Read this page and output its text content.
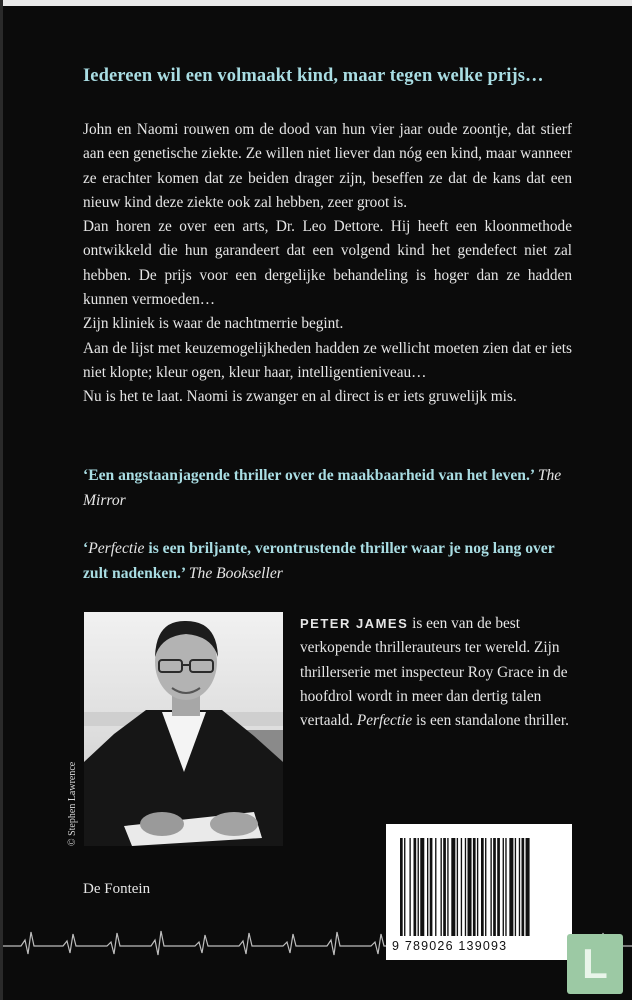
Iedereen wil een volmaakt kind, maar tegen welke prijs…

John en Naomi rouwen om de dood van hun vier jaar oude zoontje, dat stierf aan een genetische ziekte. Ze willen niet liever dan nóg een kind, maar wanneer ze erachter komen dat ze beiden drager zijn, beseffen ze dat de kans dat een nieuw kind deze ziekte ook zal hebben, zeer groot is.

Dan horen ze over een arts, Dr. Leo Dettore. Hij heeft een kloonmethode ontwikkeld die hun garandeert dat een volgend kind het gendefect niet zal hebben. De prijs voor een dergelijke behandeling is hoger dan ze hadden kunnen vermoeden…

Zijn kliniek is waar de nachtmerrie begint.

Aan de lijst met keuzemogelijkheden hadden ze wellicht moeten zien dat er iets niet klopte; kleur ogen, kleur haar, intelligentieniveau…

Nu is het te laat. Naomi is zwanger en al direct is er iets gruwelijk mis.

‘Een angstaanjagende thriller over de maakbaarheid van het leven.’ The Mirror
‘Perfectie is een briljante, verontrustende thriller waar je nog lang over zult nadenken.’ The Bookseller
© Stephen Lawrence
PETER JAMES is een van de best verkopende thrillerauteurs ter wereld. Zijn thrillerserie met inspecteur Roy Grace in de hoofdrol wordt in meer dan dertig talen vertaald. Perfectie is een standalone thriller.
De Fontein
9 789026 139093 L
